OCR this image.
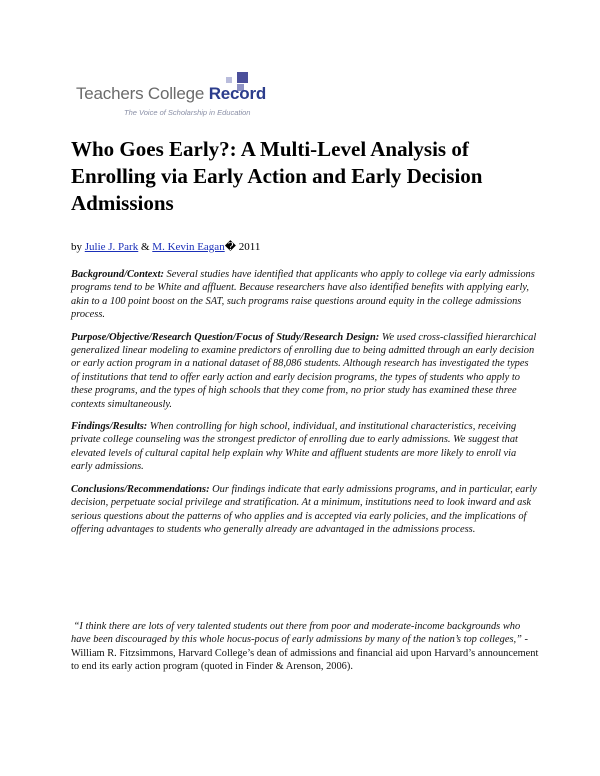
Teachers College Record
The Voice of Scholarship in Education
Who Goes Early?: A Multi-Level Analysis of Enrolling via Early Action and Early Decision Admissions
by Julie J. Park & M. Kevin Eagan� 2011

Background/Context: Several studies have identified that applicants who apply to college via early admissions programs tend to be White and affluent. Because researchers have also identified benefits with applying early, akin to a 100 point boost on the SAT, such programs raise questions around equity in the college admissions process.

Purpose/Objective/Research Question/Focus of Study/Research Design: We used cross-classified hierarchical generalized linear modeling to examine predictors of enrolling due to being admitted through an early decision or early action program in a national dataset of 88,086 students. Although research has investigated the types of institutions that tend to offer early action and early decision programs, the types of students who apply to these programs, and the types of high schools that they come from, no prior study has examined these three contexts simultaneously.

Findings/Results: When controlling for high school, individual, and institutional characteristics, receiving private college counseling was the strongest predictor of enrolling due to early admissions. We suggest that elevated levels of cultural capital help explain why White and affluent students are more likely to enroll via early admissions.

Conclusions/Recommendations: Our findings indicate that early admissions programs, and in particular, early decision, perpetuate social privilege and stratification. At a minimum, institutions need to look inward and ask serious questions about the patterns of who applies and is accepted via early policies, and the implications of offering advantages to students who generally already are advantaged in the admissions process.

“I think there are lots of very talented students out there from poor and moderate-income backgrounds who have been discouraged by this whole hocus-pocus of early admissions by many of the nation’s top colleges,” -William R. Fitzsimmons, Harvard College’s dean of admissions and financial aid upon Harvard’s announcement to end its early action program (quoted in Finder & Arenson, 2006).
